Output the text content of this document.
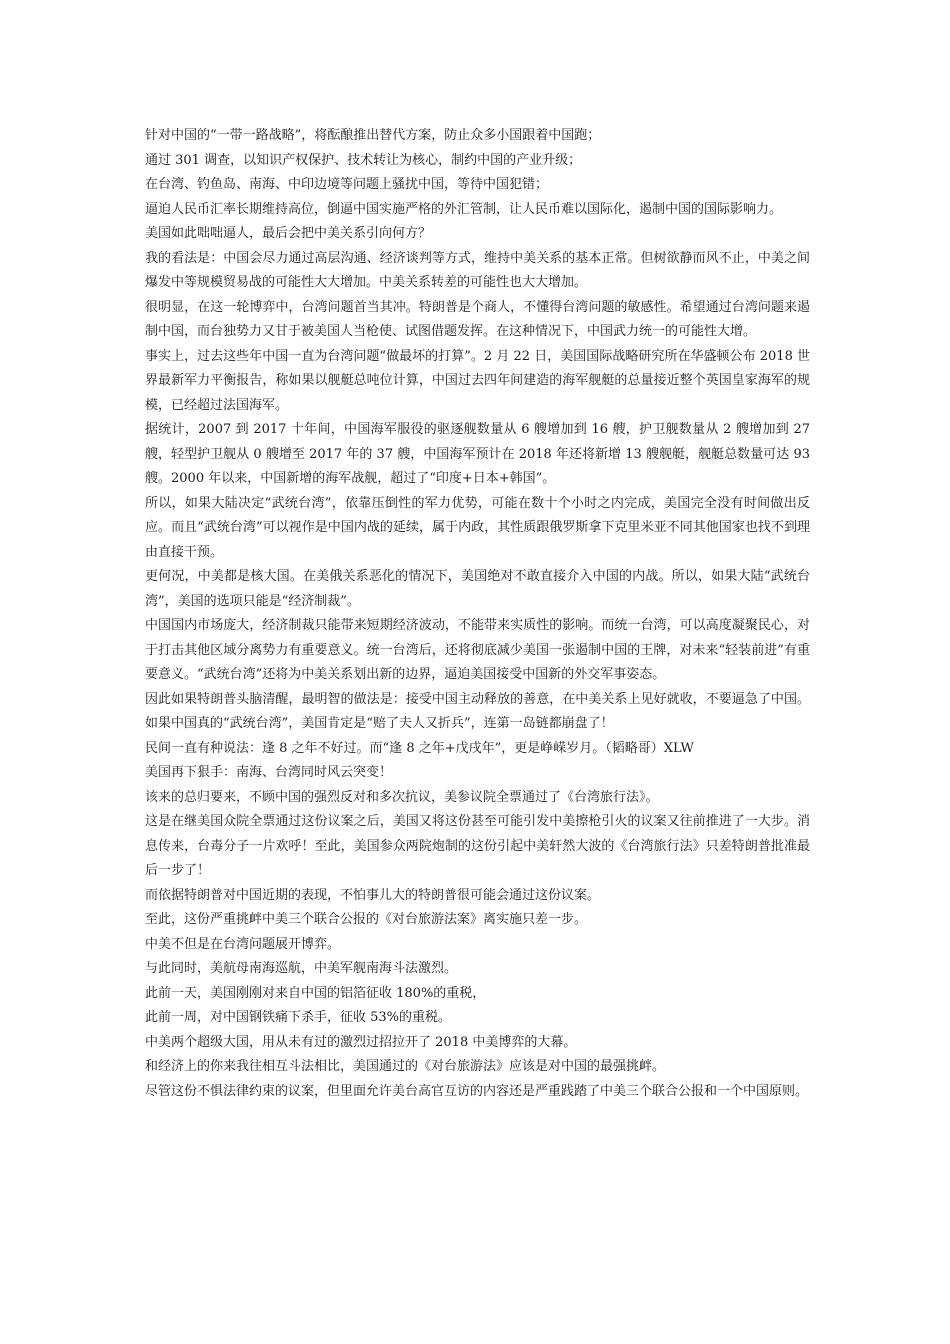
针对中国的“一带一路战略”，将酝酿推出替代方案，防止众多小国跟着中国跑；

通过 301 调查，以知识产权保护、技术转让为核心，制约中国的产业升级；

在台湾、钓鱼岛、南海、中印边境等问题上骚扰中国，等待中国犯错；

逼迫人民币汇率长期维持高位，倒逼中国实施严格的外汇管制，让人民币难以国际化，遏制中国的国际影响力。

美国如此咄咄逼人，最后会把中美关系引向何方？

我的看法是：中国会尽力通过高层沟通、经济谈判等方式，维持中美关系的基本正常。但树欲静而风不止，中美之间爆发中等规模贸易战的可能性大大增加。中美关系转差的可能性也大大增加。

很明显，在这一轮博弈中，台湾问题首当其冲。特朗普是个商人，不懂得台湾问题的敏感性。希望通过台湾问题来遏制中国，而台独势力又甘于被美国人当枪使、试图借题发挥。在这种情况下，中国武力统一的可能性大增。

事实上，过去这些年中国一直为台湾问题“做最坏的打算”。2 月 22 日，美国国际战略研究所在华盛顿公布 2018 世界最新军力平衡报告，称如果以舰艇总吨位计算，中国过去四年间建造的海军舰艇的总量接近整个英国皇家海军的规模，已经超过法国海军。

据统计，2007 到 2017 十年间，中国海军服役的驱逐舰数量从 6 艘增加到 16 艘，护卫舰数量从 2 艘增加到 27 艘，轻型护卫舰从 0 艘增至 2017 年的 37 艘，中国海军预计在 2018 年还将新增 13 艘舰艇，舰艇总数量可达 93 艘。2000 年以来，中国新增的海军战舰，超过了“印度+日本+韩国”。

所以，如果大陆决定“武统台湾”，依靠压倒性的军力优势，可能在数十个小时之内完成，美国完全没有时间做出反应。而且“武统台湾”可以视作是中国内战的延续，属于内政，其性质跟俄罗斯拿下克里米亚不同其他国家也找不到理由直接干预。

更何况，中美都是核大国。在美俄关系恶化的情况下，美国绝对不敢直接介入中国的内战。所以，如果大陆“武统台湾”，美国的选项只能是“经济制裁”。

中国国内市场庞大，经济制裁只能带来短期经济波动，不能带来实质性的影响。而统一台湾，可以高度凝聚民心，对于打击其他区域分离势力有重要意义。统一台湾后，还将彻底减少美国一张遏制中国的王牌，对未来“轻装前进”有重要意义。“武统台湾”还将为中美关系划出新的边界，逼迫美国接受中国新的外交军事姿态。

因此如果特朗普头脑清醒，最明智的做法是：接受中国主动释放的善意，在中美关系上见好就收，不要逼急了中国。如果中国真的“武统台湾”，美国肯定是“赔了夫人又折兵”，连第一岛链都崩盘了！

民间一直有种说法：逢 8 之年不好过。而“逢 8 之年+戊戌年”，更是峥嵘岁月。（韬略哥）XLW

美国再下狠手：南海、台湾同时风云突变！

该来的总归要来，不顾中国的强烈反对和多次抗议，美参议院全票通过了《台湾旅行法》。

这是在继美国众院全票通过这份议案之后，美国又将这份甚至可能引发中美擦枪引火的议案又往前推进了一大步。消息传来，台毒分子一片欢呼！至此，美国参众两院炮制的这份引起中美轩然大波的《台湾旅行法》只差特朗普批准最后一步了！

而依据特朗普对中国近期的表现，不怕事儿大的特朗普很可能会通过这份议案。

至此，这份严重挑衅中美三个联合公报的《对台旅游法案》离实施只差一步。

中美不但是在台湾问题展开博弈。

与此同时，美航母南海巡航，中美军舰南海斗法激烈。

此前一天，美国刚刚对来自中国的铝箔征收 180%的重税，

此前一周，对中国钢铁痛下杀手，征收 53%的重税。

中美两个超级大国，用从未有过的激烈过招拉开了 2018 中美博弈的大幕。

和经济上的你来我往相互斗法相比，美国通过的《对台旅游法》应该是对中国的最强挑衅。

尽管这份不惧法律约束的议案，但里面允许美台高官互访的内容还是严重践踏了中美三个联合公报和一个中国原则。
